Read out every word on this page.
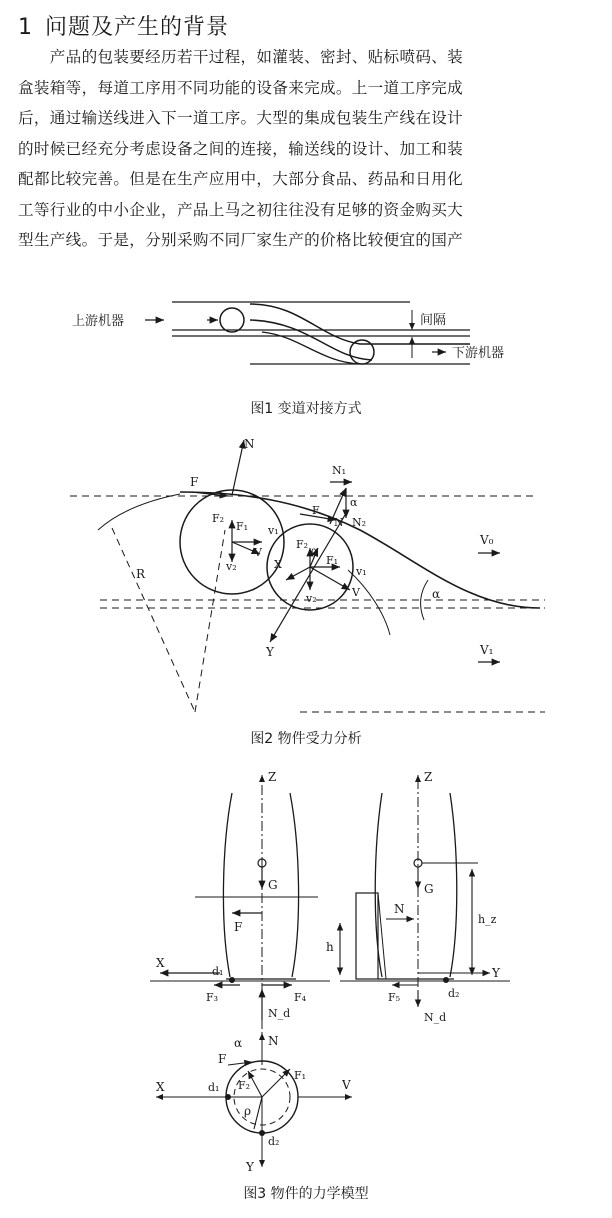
1 问题及产生的背景
　　产品的包装要经历若干过程，如灌装、密封、贴标喷码、装
盒装箱等，每道工序用不同功能的设备来完成。上一道工序完成
后，通过输送线进入下一道工序。大型的集成包装生产线在设计
的时候已经充分考虑设备之间的连接，输送线的设计、加工和装
配都比较完善。但是在生产应用中，大部分食品、药品和日用化
工等行业的中小企业，产品上马之初往往没有足够的资金购买大
型生产线。于是，分别采购不同厂家生产的价格比较便宜的国产
上游机器	间隔
下游机器
图1 变道对接方式
N
F
F₂
F₁ v₁
v₂
V
N₁
α
N₂
N
F
F₂
α
X	F₁
v₁
v₂	V
Y
R
α
V₀
V₁
图2 物件受力分析
Z
G
F
X
d₁
F₃	F₄
N_d
Z
G
N
h
h_z
Y
F₅	d₂
N_d
α N
F
X	d₁ F₂
F₁
V
ρ
d₂
Y
图3 物件的力学模型
